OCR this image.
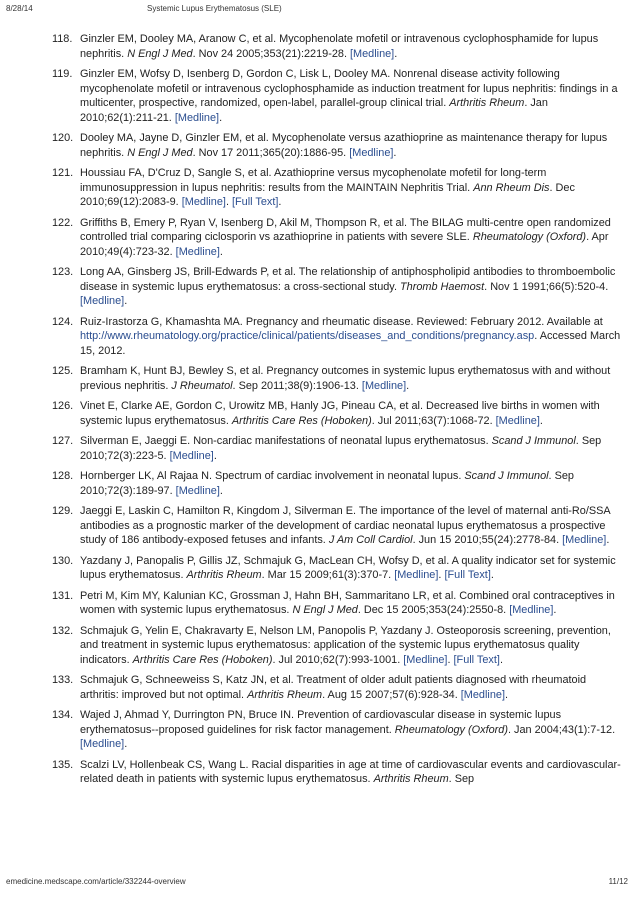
8/28/14	Systemic Lupus Erythematosus (SLE)
118. Ginzler EM, Dooley MA, Aranow C, et al. Mycophenolate mofetil or intravenous cyclophosphamide for lupus nephritis. N Engl J Med. Nov 24 2005;353(21):2219-28. [Medline].
119. Ginzler EM, Wofsy D, Isenberg D, Gordon C, Lisk L, Dooley MA. Nonrenal disease activity following mycophenolate mofetil or intravenous cyclophosphamide as induction treatment for lupus nephritis: findings in a multicenter, prospective, randomized, open-label, parallel-group clinical trial. Arthritis Rheum. Jan 2010;62(1):211-21. [Medline].
120. Dooley MA, Jayne D, Ginzler EM, et al. Mycophenolate versus azathioprine as maintenance therapy for lupus nephritis. N Engl J Med. Nov 17 2011;365(20):1886-95. [Medline].
121. Houssiau FA, D'Cruz D, Sangle S, et al. Azathioprine versus mycophenolate mofetil for long-term immunosuppression in lupus nephritis: results from the MAINTAIN Nephritis Trial. Ann Rheum Dis. Dec 2010;69(12):2083-9. [Medline]. [Full Text].
122. Griffiths B, Emery P, Ryan V, Isenberg D, Akil M, Thompson R, et al. The BILAG multi-centre open randomized controlled trial comparing ciclosporin vs azathioprine in patients with severe SLE. Rheumatology (Oxford). Apr 2010;49(4):723-32. [Medline].
123. Long AA, Ginsberg JS, Brill-Edwards P, et al. The relationship of antiphospholipid antibodies to thromboembolic disease in systemic lupus erythematosus: a cross-sectional study. Thromb Haemost. Nov 1 1991;66(5):520-4. [Medline].
124. Ruiz-Irastorza G, Khamashta MA. Pregnancy and rheumatic disease. Reviewed: February 2012. Available at http://www.rheumatology.org/practice/clinical/patients/diseases_and_conditions/pregnancy.asp. Accessed March 15, 2012.
125. Bramham K, Hunt BJ, Bewley S, et al. Pregnancy outcomes in systemic lupus erythematosus with and without previous nephritis. J Rheumatol. Sep 2011;38(9):1906-13. [Medline].
126. Vinet E, Clarke AE, Gordon C, Urowitz MB, Hanly JG, Pineau CA, et al. Decreased live births in women with systemic lupus erythematosus. Arthritis Care Res (Hoboken). Jul 2011;63(7):1068-72. [Medline].
127. Silverman E, Jaeggi E. Non-cardiac manifestations of neonatal lupus erythematosus. Scand J Immunol. Sep 2010;72(3):223-5. [Medline].
128. Hornberger LK, Al Rajaa N. Spectrum of cardiac involvement in neonatal lupus. Scand J Immunol. Sep 2010;72(3):189-97. [Medline].
129. Jaeggi E, Laskin C, Hamilton R, Kingdom J, Silverman E. The importance of the level of maternal anti-Ro/SSA antibodies as a prognostic marker of the development of cardiac neonatal lupus erythematosus a prospective study of 186 antibody-exposed fetuses and infants. J Am Coll Cardiol. Jun 15 2010;55(24):2778-84. [Medline].
130. Yazdany J, Panopalis P, Gillis JZ, Schmajuk G, MacLean CH, Wofsy D, et al. A quality indicator set for systemic lupus erythematosus. Arthritis Rheum. Mar 15 2009;61(3):370-7. [Medline]. [Full Text].
131. Petri M, Kim MY, Kalunian KC, Grossman J, Hahn BH, Sammaritano LR, et al. Combined oral contraceptives in women with systemic lupus erythematosus. N Engl J Med. Dec 15 2005;353(24):2550-8. [Medline].
132. Schmajuk G, Yelin E, Chakravarty E, Nelson LM, Panopolis P, Yazdany J. Osteoporosis screening, prevention, and treatment in systemic lupus erythematosus: application of the systemic lupus erythematosus quality indicators. Arthritis Care Res (Hoboken). Jul 2010;62(7):993-1001. [Medline]. [Full Text].
133. Schmajuk G, Schneeweiss S, Katz JN, et al. Treatment of older adult patients diagnosed with rheumatoid arthritis: improved but not optimal. Arthritis Rheum. Aug 15 2007;57(6):928-34. [Medline].
134. Wajed J, Ahmad Y, Durrington PN, Bruce IN. Prevention of cardiovascular disease in systemic lupus erythematosus--proposed guidelines for risk factor management. Rheumatology (Oxford). Jan 2004;43(1):7-12. [Medline].
135. Scalzi LV, Hollenbeak CS, Wang L. Racial disparities in age at time of cardiovascular events and cardiovascular-related death in patients with systemic lupus erythematosus. Arthritis Rheum. Sep
emedicine.medscape.com/article/332244-overview	11/12
